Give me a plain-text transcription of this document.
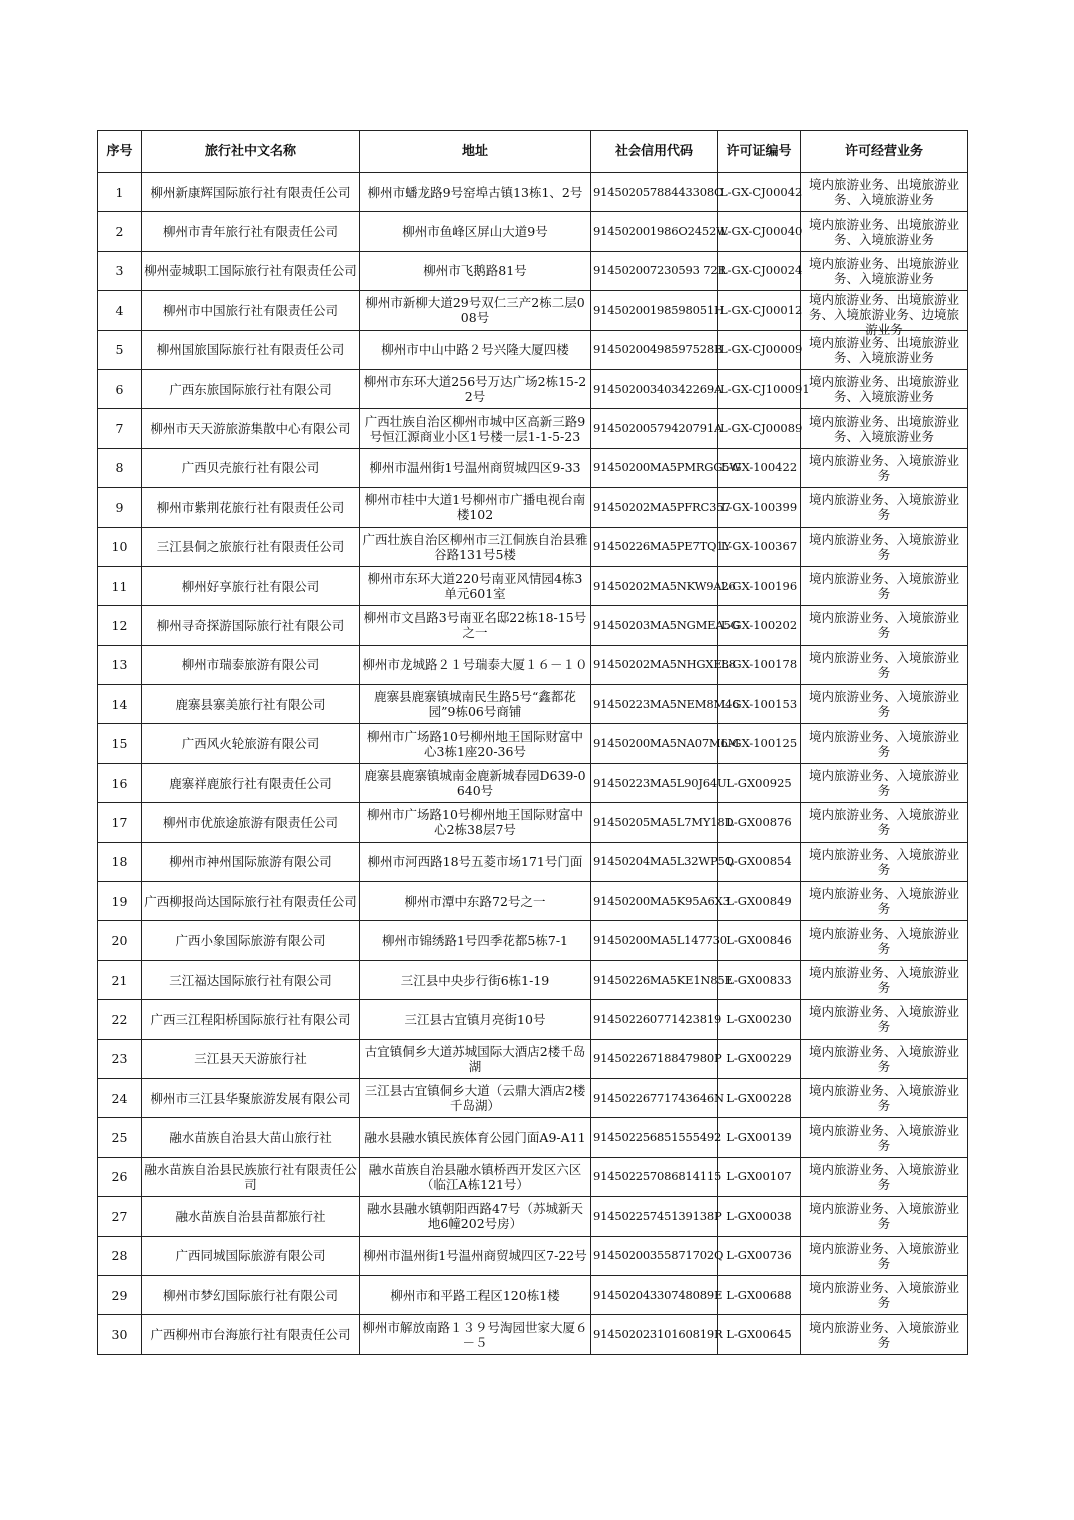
序号	旅行社中文名称	地址	社会信用代码	许可证编号	许可经营业务

1	柳州新康辉国际旅行社有限责任公司	柳州市蟠龙路9号窑埠古镇13栋1、2号	91450205788443308O	L-GX-CJ00042	境内旅游业务、出境旅游业务、入境旅游业务

2	柳州市青年旅行社有限责任公司	柳州市鱼峰区屏山大道9号	914502001986O2452W	L-GX-CJ00040	境内旅游业务、出境旅游业务、入境旅游业务

3	柳州壶城职工国际旅行社有限责任公司	柳州市飞鹅路81号	914502007230593 72R	L-GX-CJ00024	境内旅游业务、出境旅游业务、入境旅游业务

4	柳州市中国旅行社有限责任公司	柳州市新柳大道29号双仁三产2栋二层008号	91450200198598051H	L-GX-CJ00012	境内旅游业务、出境旅游业务、入境旅游业务、边境旅游业务

5	柳州国旅国际旅行社有限责任公司	柳州市中山中路２号兴隆大厦四楼	91450200498597528B	L-GX-CJ00009	境内旅游业务、出境旅游业务、入境旅游业务

6	广西东旅国际旅行社有限公司	柳州市东环大道256号万达广场2栋15-22号	91450200340342269A	L-GX-CJ100091	境内旅游业务、出境旅游业务、入境旅游业务

7	柳州市天天游旅游集散中心有限公司	广西壮族自治区柳州市城中区高新三路9号恒江源商业小区1号楼一层1-1-5-23	91450200579420791A	L-GX-CJ00089	境内旅游业务、出境旅游业务、入境旅游业务

8	广西贝壳旅行社有限公司	柳州市温州街1号温州商贸城四区9-33	91450200MA5PMRGG5W	L-GX-100422	境内旅游业务、入境旅游业务

9	柳州市紫荆花旅行社有限责任公司	柳州市桂中大道1号柳州市广播电视台南楼102	91450202MA5PFRC357	L-GX-100399	境内旅游业务、入境旅游业务

10	三江县侗之旅旅行社有限责任公司	广西壮族自治区柳州市三江侗族自治县雅谷路131号5楼	91450226MA5PE7TQ1Y	L-GX-100367	境内旅游业务、入境旅游业务

11	柳州好享旅行社有限公司	柳州市东环大道220号南亚风情园4栋3单元601室	91450202MA5NKW9A26	L-GX-100196	境内旅游业务、入境旅游业务

12	柳州寻奇探游国际旅行社有限公司	柳州市文昌路3号南亚名邸22栋18-15号之一	91450203MA5NGMEA5G	L-GX-100202	境内旅游业务、入境旅游业务

13	柳州市瑞泰旅游有限公司	柳州市龙城路２１号瑞泰大厦１６－１０	91450202MA5NHGXE88	L-GX-100178	境内旅游业务、入境旅游业务

14	鹿寨县寨美旅行社有限公司	鹿寨县鹿寨镇城南民生路5号“鑫都花园”9栋06号商铺	91450223MA5NEM8M46	L-GX-100153	境内旅游业务、入境旅游业务

15	广西风火轮旅游有限公司	柳州市广场路10号柳州地王国际财富中心3栋1座20-36号	91450200MA5NA07M6M	L-GX-100125	境内旅游业务、入境旅游业务

16	鹿寨祥鹿旅行社有限责任公司	鹿寨县鹿寨镇城南金鹿新城春园D639-0640号	91450223MA5L90J64U	L-GX00925	境内旅游业务、入境旅游业务

17	柳州市优旅途旅游有限责任公司	柳州市广场路10号柳州地王国际财富中心2栋38层7号	91450205MA5L7MY18D	L-GX00876	境内旅游业务、入境旅游业务

18	柳州市神州国际旅游有限公司	柳州市河西路18号五菱市场171号门面	91450204MA5L32WP5Q	L-GX00854	境内旅游业务、入境旅游业务

19	广西柳报尚达国际旅行社有限责任公司	柳州市潭中东路72号之一	91450200MA5K95A6X3	L-GX00849	境内旅游业务、入境旅游业务

20	广西小象国际旅游有限公司	柳州市锦绣路1号四季花都5栋7-1	91450200MA5L147730	L-GX00846	境内旅游业务、入境旅游业务

21	三江福达国际旅行社有限公司	三江县中央步行街6栋1-19	91450226MA5KE1N85E	L-GX00833	境内旅游业务、入境旅游业务

22	广西三江程阳桥国际旅行社有限公司	三江县古宜镇月亮街10号	914502260771423819	L-GX00230	境内旅游业务、入境旅游业务

23	三江县天天游旅行社	古宜镇侗乡大道苏城国际大酒店2楼千岛湖	91450226718847980P	L-GX00229	境内旅游业务、入境旅游业务

24	柳州市三江县华聚旅游发展有限公司	三江县古宜镇侗乡大道（云鼎大酒店2楼千岛湖）	91450226771743646N	L-GX00228	境内旅游业务、入境旅游业务

25	融水苗族自治县大苗山旅行社	融水县融水镇民族体育公园门面A9-A11	914502256851555492	L-GX00139	境内旅游业务、入境旅游业务

26	融水苗族自治县民族旅行社有限责任公司	融水苗族自治县融水镇桥西开发区六区（临江A栋121号）	914502257086814115	L-GX00107	境内旅游业务、入境旅游业务

27	融水苗族自治县苗都旅行社	融水县融水镇朝阳西路47号（苏城新天地6幢202号房）	91450225745139138P	L-GX00038	境内旅游业务、入境旅游业务

28	广西同城国际旅游有限公司	柳州市温州街1号温州商贸城四区7-22号	91450200355871702Q	L-GX00736	境内旅游业务、入境旅游业务

29	柳州市梦幻国际旅行社有限公司	柳州市和平路工程区120栋1楼	91450204330748089E	L-GX00688	境内旅游业务、入境旅游业务

30	广西柳州市台海旅行社有限责任公司	柳州市解放南路１３９号淘园世家大厦６－５	91450202310160819R	L-GX00645	境内旅游业务、入境旅游业务
